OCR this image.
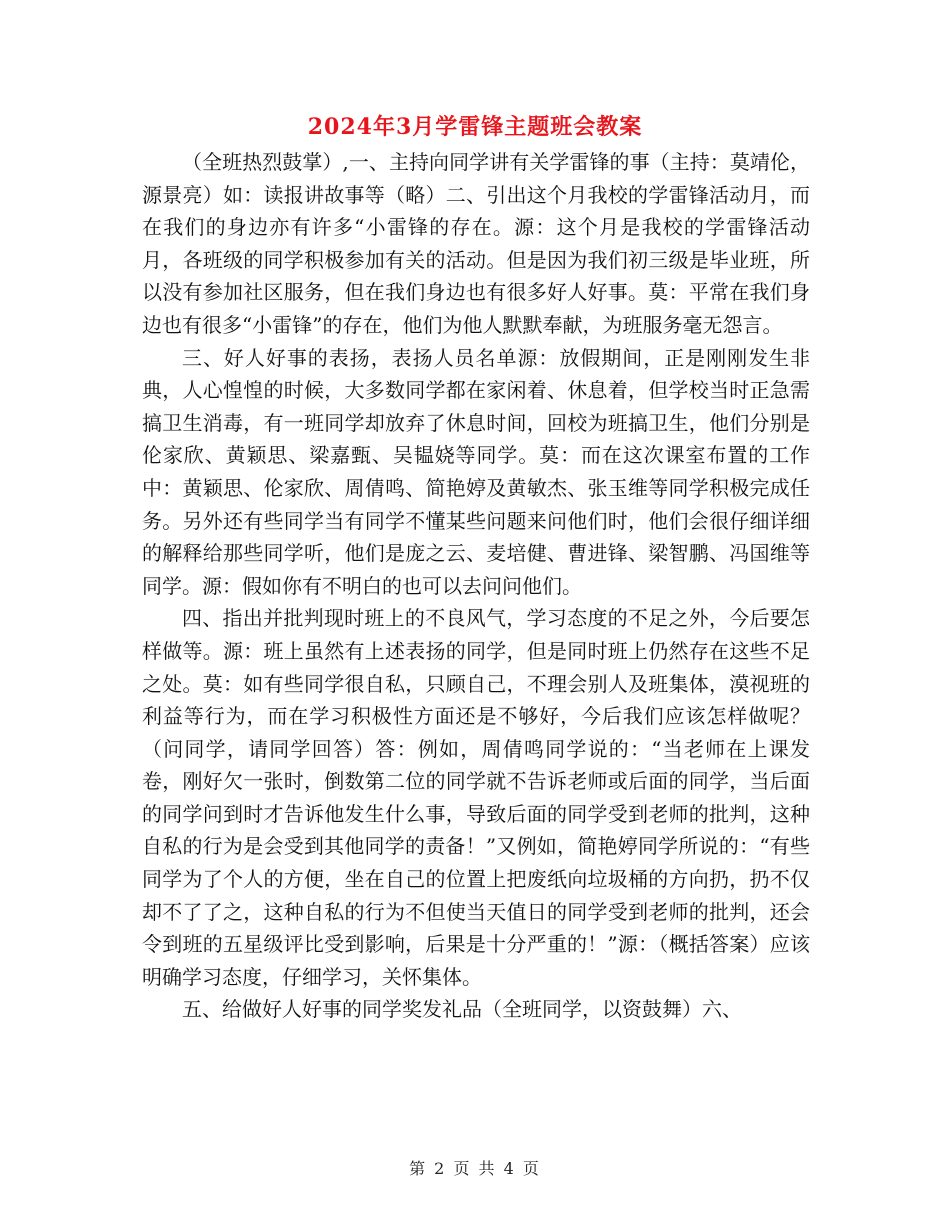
2024年3月学雷锋主题班会教案

（全班热烈鼓掌）,一、主持向同学讲有关学雷锋的事（主持：莫靖伦，源景亮）如：读报讲故事等（略）二、引出这个月我校的学雷锋活动月，而在我们的身边亦有许多“小雷锋的存在。源：这个月是我校的学雷锋活动月，各班级的同学积极参加有关的活动。但是因为我们初三级是毕业班，所以没有参加社区服务，但在我们身边也有很多好人好事。莫：平常在我们身边也有很多“小雷锋”的存在，他们为他人默默奉献，为班服务毫无怨言。

三、好人好事的表扬，表扬人员名单源：放假期间，正是刚刚发生非典，人心惶惶的时候，大多数同学都在家闲着、休息着，但学校当时正急需搞卫生消毒，有一班同学却放弃了休息时间，回校为班搞卫生，他们分别是伦家欣、黄颖思、梁嘉甄、吴韫娆等同学。莫：而在这次课室布置的工作中：黄颖思、伦家欣、周倩鸣、简艳婷及黄敏杰、张玉维等同学积极完成任务。另外还有些同学当有同学不懂某些问题来问他们时，他们会很仔细详细的解释给那些同学听，他们是庞之云、麦培健、曹进锋、梁智鹏、冯国维等同学。源：假如你有不明白的也可以去问问他们。

四、指出并批判现时班上的不良风气，学习态度的不足之外，今后要怎样做等。源：班上虽然有上述表扬的同学，但是同时班上仍然存在这些不足之处。莫：如有些同学很自私，只顾自己，不理会别人及班集体，漠视班的利益等行为，而在学习积极性方面还是不够好，今后我们应该怎样做呢？（问同学，请同学回答）答：例如，周倩鸣同学说的：“当老师在上课发卷，刚好欠一张时，倒数第二位的同学就不告诉老师或后面的同学，当后面的同学问到时才告诉他发生什么事，导致后面的同学受到老师的批判，这种自私的行为是会受到其他同学的责备！”又例如，简艳婷同学所说的：“有些同学为了个人的方便，坐在自己的位置上把废纸向垃圾桶的方向扔，扔不仅却不了了之，这种自私的行为不但使当天值日的同学受到老师的批判，还会令到班的五星级评比受到影响，后果是十分严重的！”源：（概括答案）应该明确学习态度，仔细学习，关怀集体。

五、给做好人好事的同学奖发礼品（全班同学，以资鼓舞）六、

第 2 页 共 4 页
